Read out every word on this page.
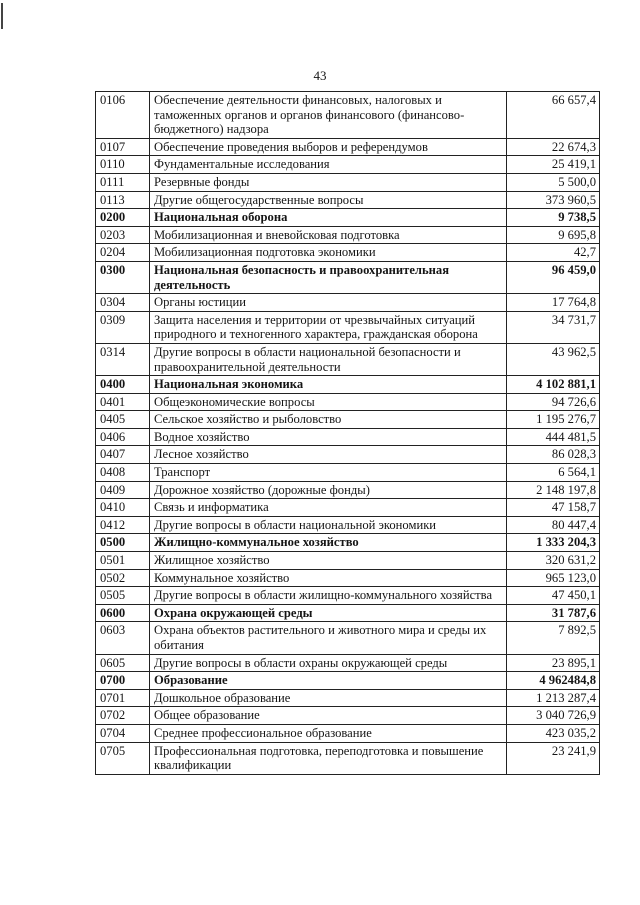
43
0106	Обеспечение деятельности финансовых, налоговых и таможенных органов и органов финансового (финансово-бюджетного) надзора	66 657,4
0107	Обеспечение проведения выборов и референдумов	22 674,3
0110	Фундаментальные исследования	25 419,1
0111	Резервные фонды	5 500,0
0113	Другие общегосударственные вопросы	373 960,5
0200	Национальная оборона	9 738,5
0203	Мобилизационная и вневойсковая подготовка	9 695,8
0204	Мобилизационная подготовка экономики	42,7
0300	Национальная безопасность и правоохранительная деятельность	96 459,0
0304	Органы юстиции	17 764,8
0309	Защита населения и территории от чрезвычайных ситуаций природного и техногенного характера, гражданская оборона	34 731,7
0314	Другие вопросы в области национальной безопасности и правоохранительной деятельности	43 962,5
0400	Национальная экономика	4 102 881,1
0401	Общеэкономические вопросы	94 726,6
0405	Сельское хозяйство и рыболовство	1 195 276,7
0406	Водное хозяйство	444 481,5
0407	Лесное хозяйство	86 028,3
0408	Транспорт	6 564,1
0409	Дорожное хозяйство (дорожные фонды)	2 148 197,8
0410	Связь и информатика	47 158,7
0412	Другие вопросы в области национальной экономики	80 447,4
0500	Жилищно-коммунальное хозяйство	1 333 204,3
0501	Жилищное хозяйство	320 631,2
0502	Коммунальное хозяйство	965 123,0
0505	Другие вопросы в области жилищно-коммунального хозяйства	47 450,1
0600	Охрана окружающей среды	31 787,6
0603	Охрана объектов растительного и животного мира и среды их обитания	7 892,5
0605	Другие вопросы в области охраны окружающей среды	23 895,1
0700	Образование	4 962484,8
0701	Дошкольное образование	1 213 287,4
0702	Общее образование	3 040 726,9
0704	Среднее профессиональное образование	423 035,2
0705	Профессиональная подготовка, переподготовка и повышение квалификации	23 241,9
